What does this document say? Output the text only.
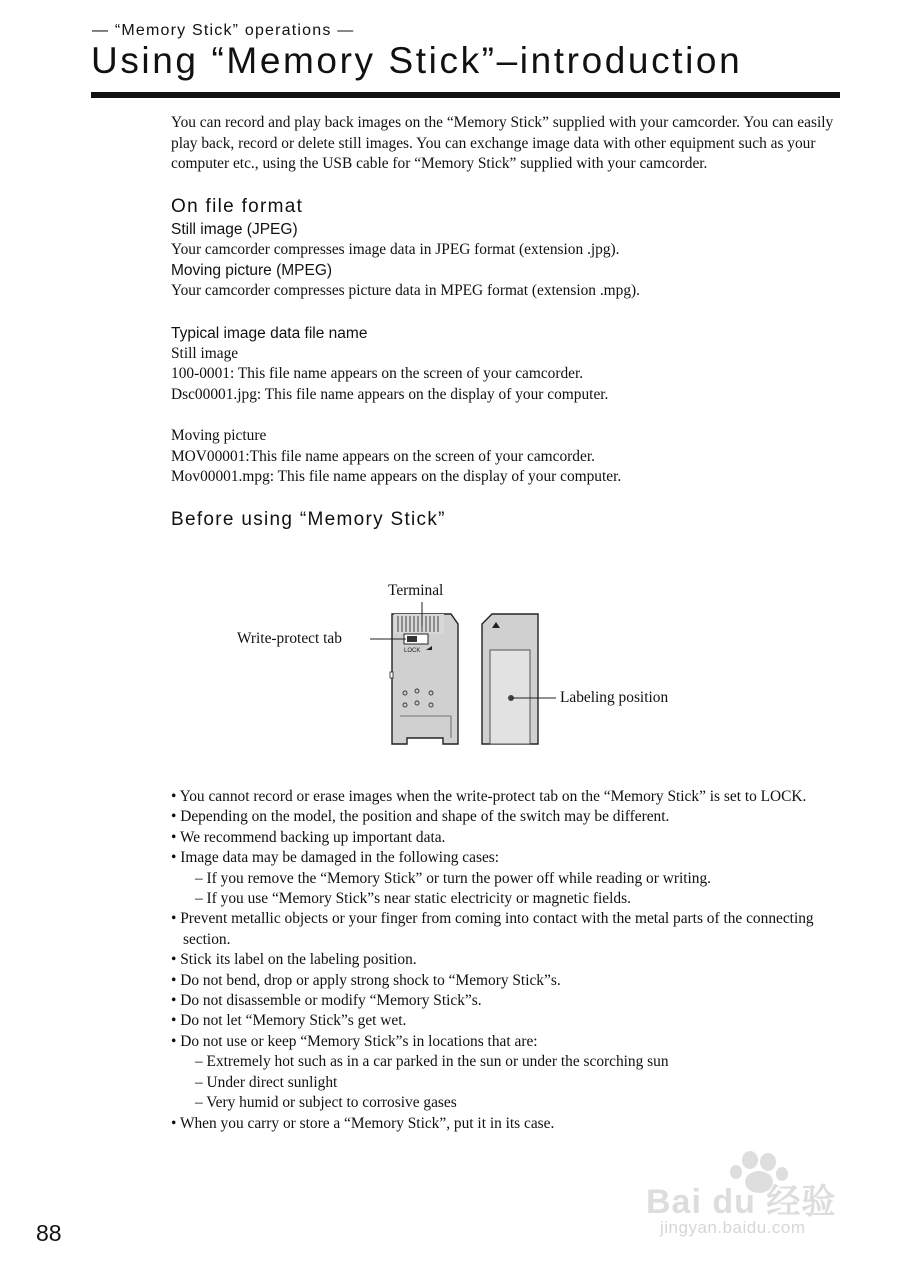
— “Memory Stick” operations —
Using “Memory Stick”–introduction

You can record and play back images on the “Memory Stick” supplied with your camcorder. You can easily play back, record or delete still images. You can exchange image data with other equipment such as your computer etc., using the USB cable for “Memory Stick” supplied with your camcorder.

On file format

Still image (JPEG)

Your camcorder compresses image data in JPEG format (extension .jpg).

Moving picture (MPEG)

Your camcorder compresses picture data in MPEG format (extension .mpg).

Typical image data file name

Still image

100-0001: This file name appears on the screen of your camcorder.

Dsc00001.jpg: This file name appears on the display of your computer.

Moving picture

MOV00001:This file name appears on the screen of your camcorder.

Mov00001.mpg: This file name appears on the display of your computer.

Before using “Memory Stick”

LOCK
Terminal
Write-protect tab
Labeling position
• You cannot record or erase images when the write-protect tab on the “Memory Stick” is set to LOCK.
• Depending on the model, the position and shape of the switch may be different.
• We recommend backing up important data.
• Image data may be damaged in the following cases:
– If you remove the “Memory Stick” or turn the power off while reading or writing.
– If you use “Memory Stick”s near static electricity or magnetic fields.
• Prevent metallic objects or your finger from coming into contact with the metal parts of the connecting section.
• Stick its label on the labeling position.
• Do not bend, drop or apply strong shock to “Memory Stick”s.
• Do not disassemble or modify “Memory Stick”s.
• Do not let “Memory Stick”s get wet.
• Do not use or keep “Memory Stick”s in locations that are:
– Extremely hot such as in a car parked in the sun or under the scorching sun
– Under direct sunlight
– Very humid or subject to corrosive gases
• When you carry or store a “Memory Stick”, put it in its case.
88
Bai du 经验
jingyan.baidu.com
